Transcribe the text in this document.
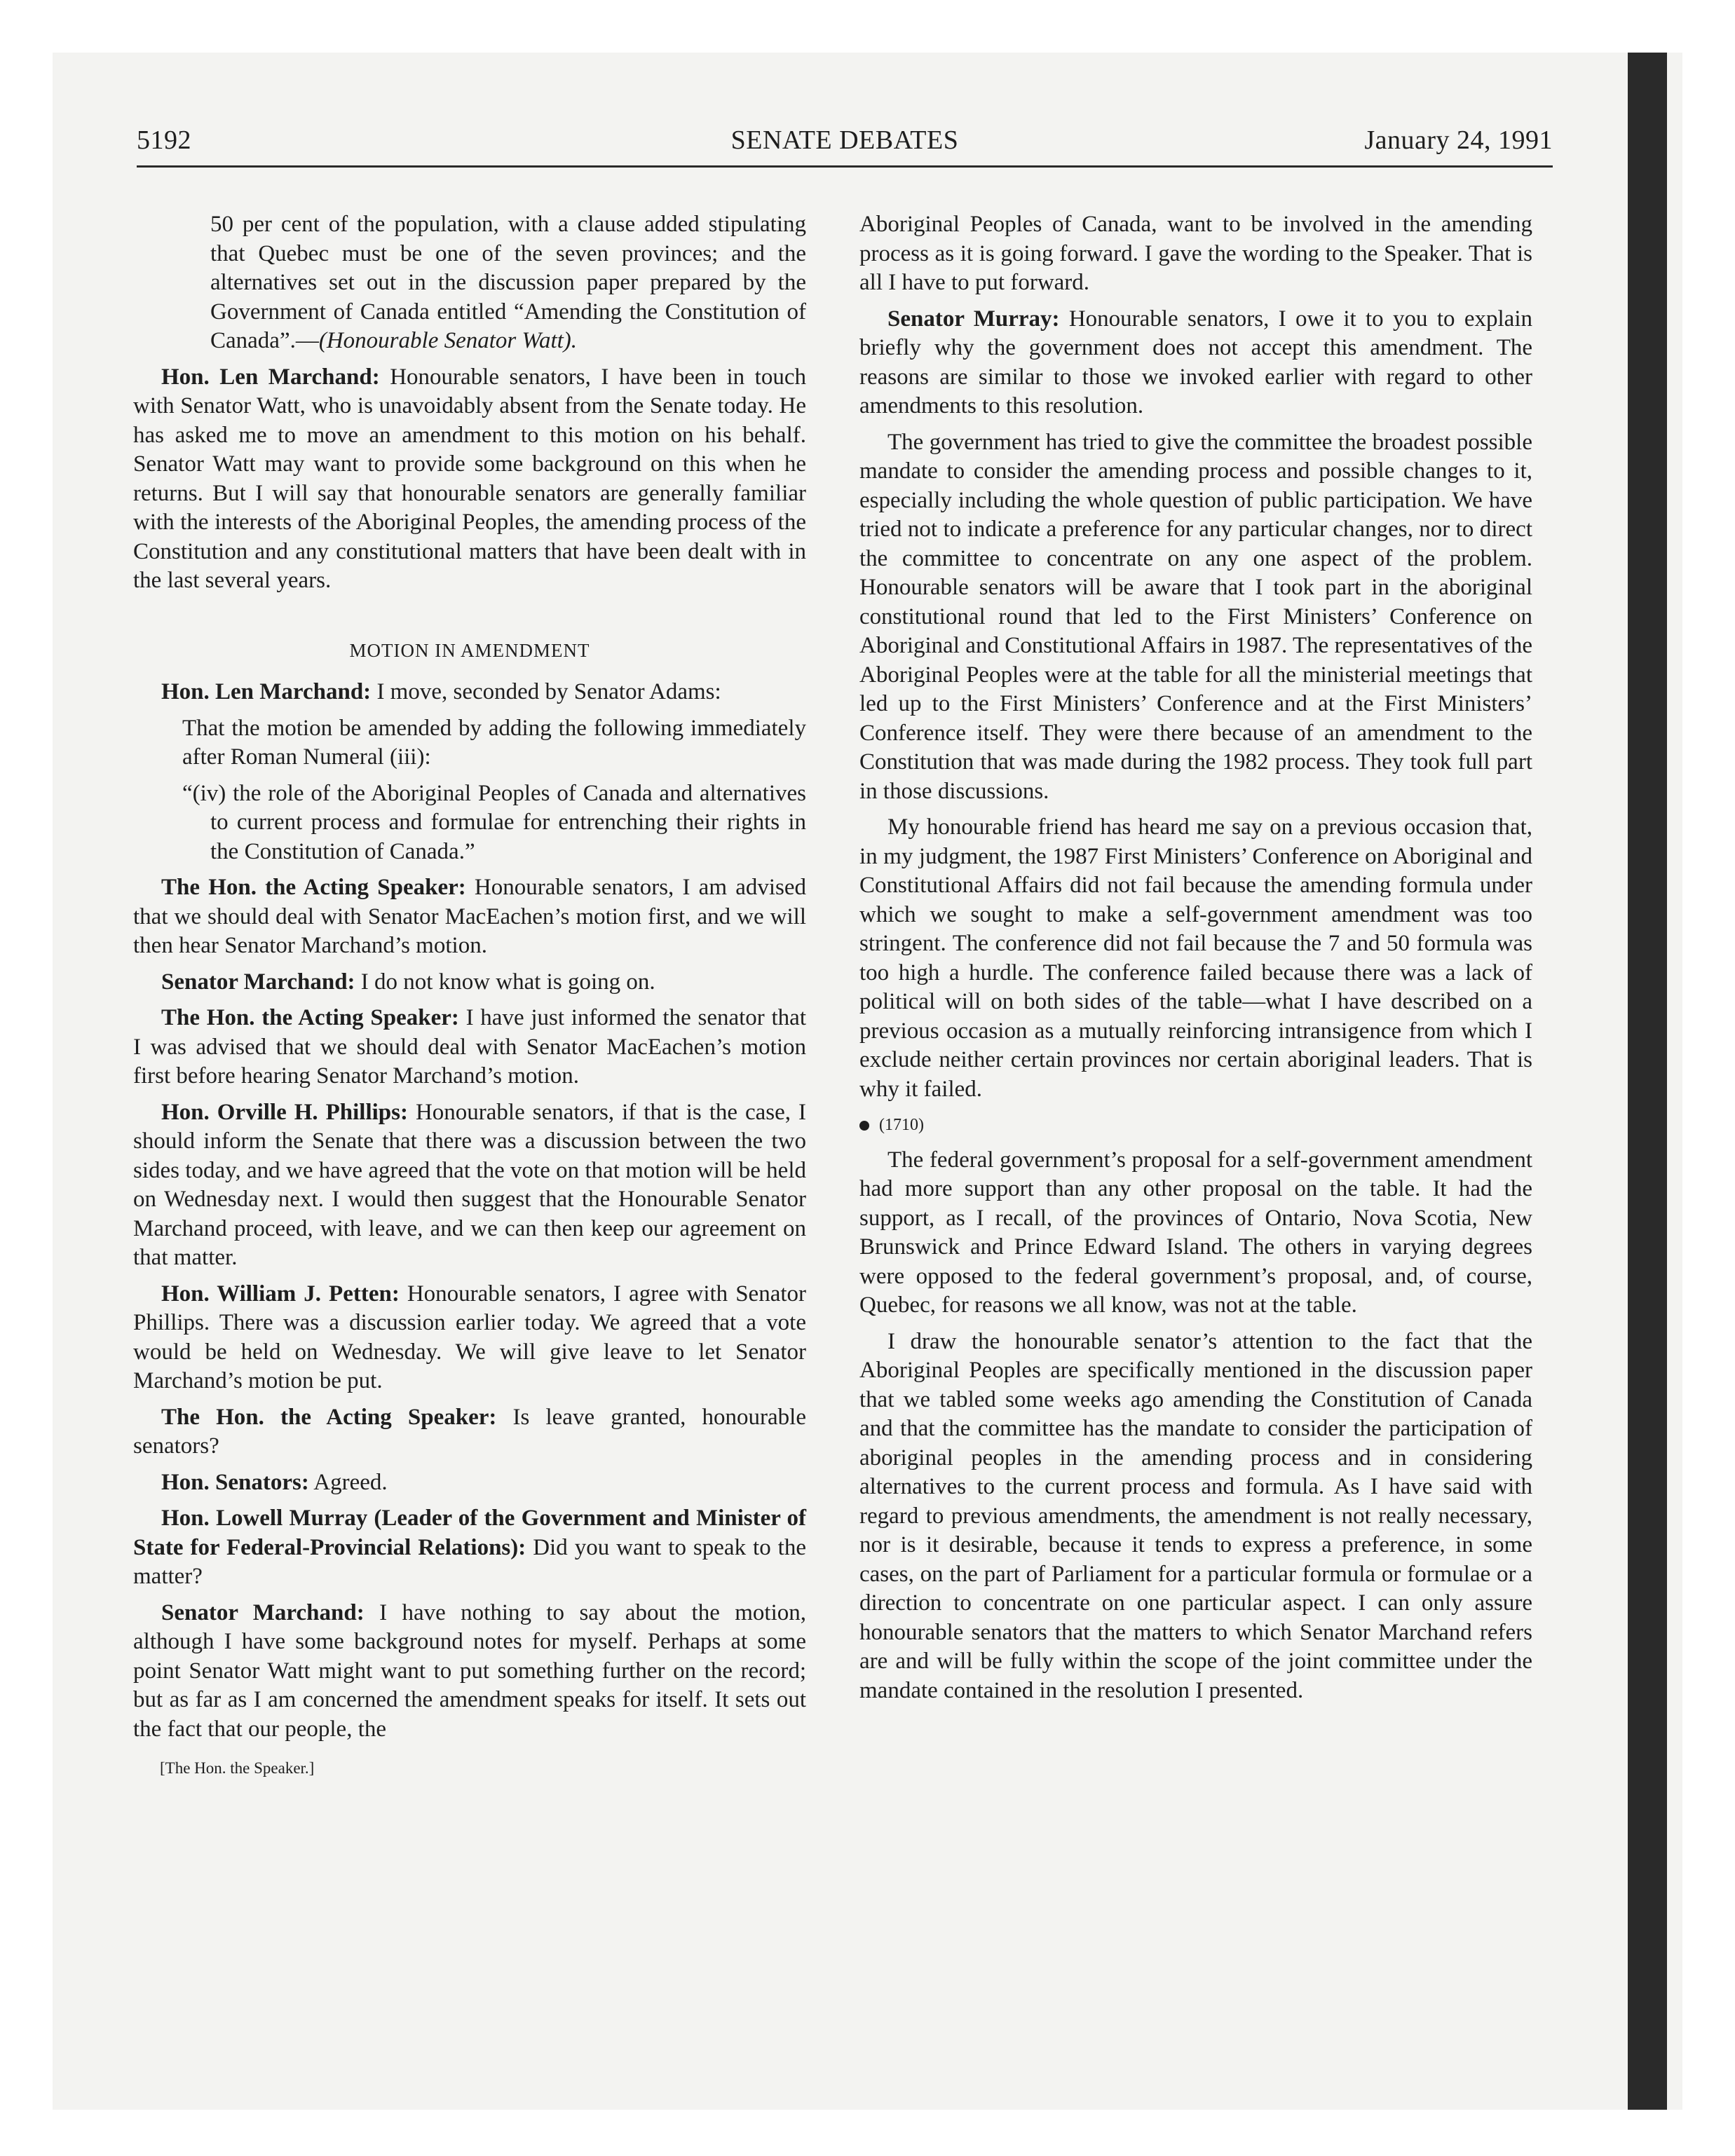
5192	SENATE DEBATES	January 24, 1991

50 per cent of the population, with a clause added stipulating that Quebec must be one of the seven provinces; and the alternatives set out in the discussion paper prepared by the Government of Canada entitled “Amending the Constitution of Canada”.—(Honourable Senator Watt).

Hon. Len Marchand: Honourable senators, I have been in touch with Senator Watt, who is unavoidably absent from the Senate today. He has asked me to move an amendment to this motion on his behalf. Senator Watt may want to provide some background on this when he returns. But I will say that honourable senators are generally familiar with the interests of the Aboriginal Peoples, the amending process of the Constitution and any constitutional matters that have been dealt with in the last several years.

MOTION IN AMENDMENT

Hon. Len Marchand: I move, seconded by Senator Adams:

That the motion be amended by adding the following immediately after Roman Numeral (iii):

“(iv) the role of the Aboriginal Peoples of Canada and alternatives to current process and formulae for entrenching their rights in the Constitution of Canada.”

The Hon. the Acting Speaker: Honourable senators, I am advised that we should deal with Senator MacEachen’s motion first, and we will then hear Senator Marchand’s motion.

Senator Marchand: I do not know what is going on.

The Hon. the Acting Speaker: I have just informed the senator that I was advised that we should deal with Senator MacEachen’s motion first before hearing Senator Marchand’s motion.

Hon. Orville H. Phillips: Honourable senators, if that is the case, I should inform the Senate that there was a discussion between the two sides today, and we have agreed that the vote on that motion will be held on Wednesday next. I would then suggest that the Honourable Senator Marchand proceed, with leave, and we can then keep our agreement on that matter.

Hon. William J. Petten: Honourable senators, I agree with Senator Phillips. There was a discussion earlier today. We agreed that a vote would be held on Wednesday. We will give leave to let Senator Marchand’s motion be put.

The Hon. the Acting Speaker: Is leave granted, honourable senators?

Hon. Senators: Agreed.

Hon. Lowell Murray (Leader of the Government and Minister of State for Federal-Provincial Relations): Did you want to speak to the matter?

Senator Marchand: I have nothing to say about the motion, although I have some background notes for myself. Perhaps at some point Senator Watt might want to put something further on the record; but as far as I am concerned the amendment speaks for itself. It sets out the fact that our people, the

[The Hon. the Speaker.]

Aboriginal Peoples of Canada, want to be involved in the amending process as it is going forward. I gave the wording to the Speaker. That is all I have to put forward.

Senator Murray: Honourable senators, I owe it to you to explain briefly why the government does not accept this amendment. The reasons are similar to those we invoked earlier with regard to other amendments to this resolution.

The government has tried to give the committee the broadest possible mandate to consider the amending process and possible changes to it, especially including the whole question of public participation. We have tried not to indicate a preference for any particular changes, nor to direct the committee to concentrate on any one aspect of the problem. Honourable senators will be aware that I took part in the aboriginal constitutional round that led to the First Ministers’ Conference on Aboriginal and Constitutional Affairs in 1987. The representatives of the Aboriginal Peoples were at the table for all the ministerial meetings that led up to the First Ministers’ Conference and at the First Ministers’ Conference itself. They were there because of an amendment to the Constitution that was made during the 1982 process. They took full part in those discussions.

My honourable friend has heard me say on a previous occasion that, in my judgment, the 1987 First Ministers’ Conference on Aboriginal and Constitutional Affairs did not fail because the amending formula under which we sought to make a self-government amendment was too stringent. The conference did not fail because the 7 and 50 formula was too high a hurdle. The conference failed because there was a lack of political will on both sides of the table—what I have described on a previous occasion as a mutually reinforcing intransigence from which I exclude neither certain provinces nor certain aboriginal leaders. That is why it failed.

(1710)

The federal government’s proposal for a self-government amendment had more support than any other proposal on the table. It had the support, as I recall, of the provinces of Ontario, Nova Scotia, New Brunswick and Prince Edward Island. The others in varying degrees were opposed to the federal government’s proposal, and, of course, Quebec, for reasons we all know, was not at the table.

I draw the honourable senator’s attention to the fact that the Aboriginal Peoples are specifically mentioned in the discussion paper that we tabled some weeks ago amending the Constitution of Canada and that the committee has the mandate to consider the participation of aboriginal peoples in the amending process and in considering alternatives to the current process and formula. As I have said with regard to previous amendments, the amendment is not really necessary, nor is it desirable, because it tends to express a preference, in some cases, on the part of Parliament for a particular formula or formulae or a direction to concentrate on one particular aspect. I can only assure honourable senators that the matters to which Senator Marchand refers are and will be fully within the scope of the joint committee under the mandate contained in the resolution I presented.
